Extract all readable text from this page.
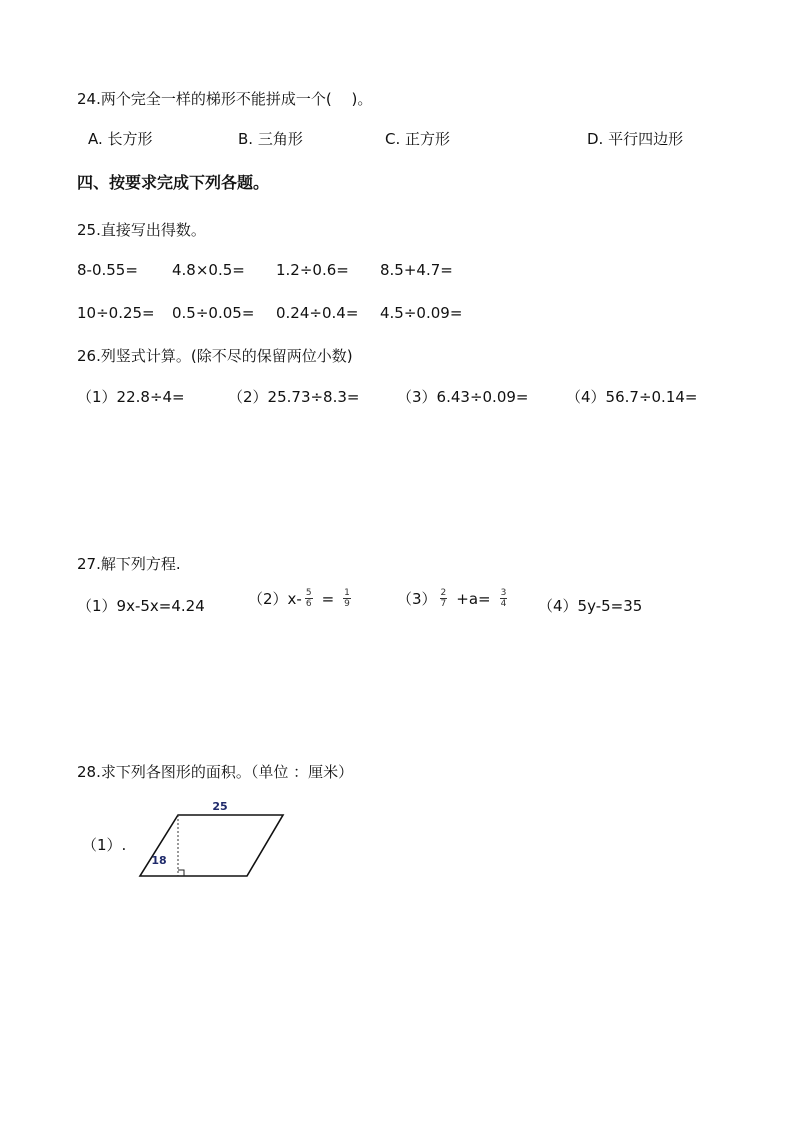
24.两个完全一样的梯形不能拼成一个(　 )。
A. 长方形	B. 三角形	C. 正方形	D. 平行四边形
四、按要求完成下列各题。
25.直接写出得数。
8-0.55= 4.8×0.5= 1.2÷0.6= 8.5+4.7=
10÷0.25= 0.5÷0.05= 0.24÷0.4= 4.5÷0.09=
26.列竖式计算。(除不尽的保留两位小数)
（1）22.8÷4=	（2）25.73÷8.3=	（3）6.43÷0.09=	（4）56.7÷0.14=
27.解下列方程.
（1）9x-5x=4.24	$(2)x- \frac{5}{6} = \frac{1}{9}$	$(3) \frac{2}{7} +a= \frac{3}{4} (4)5y-5=35$
28.求下列各图形的面积。（单位 ：厘米）
（1）.
25
18
